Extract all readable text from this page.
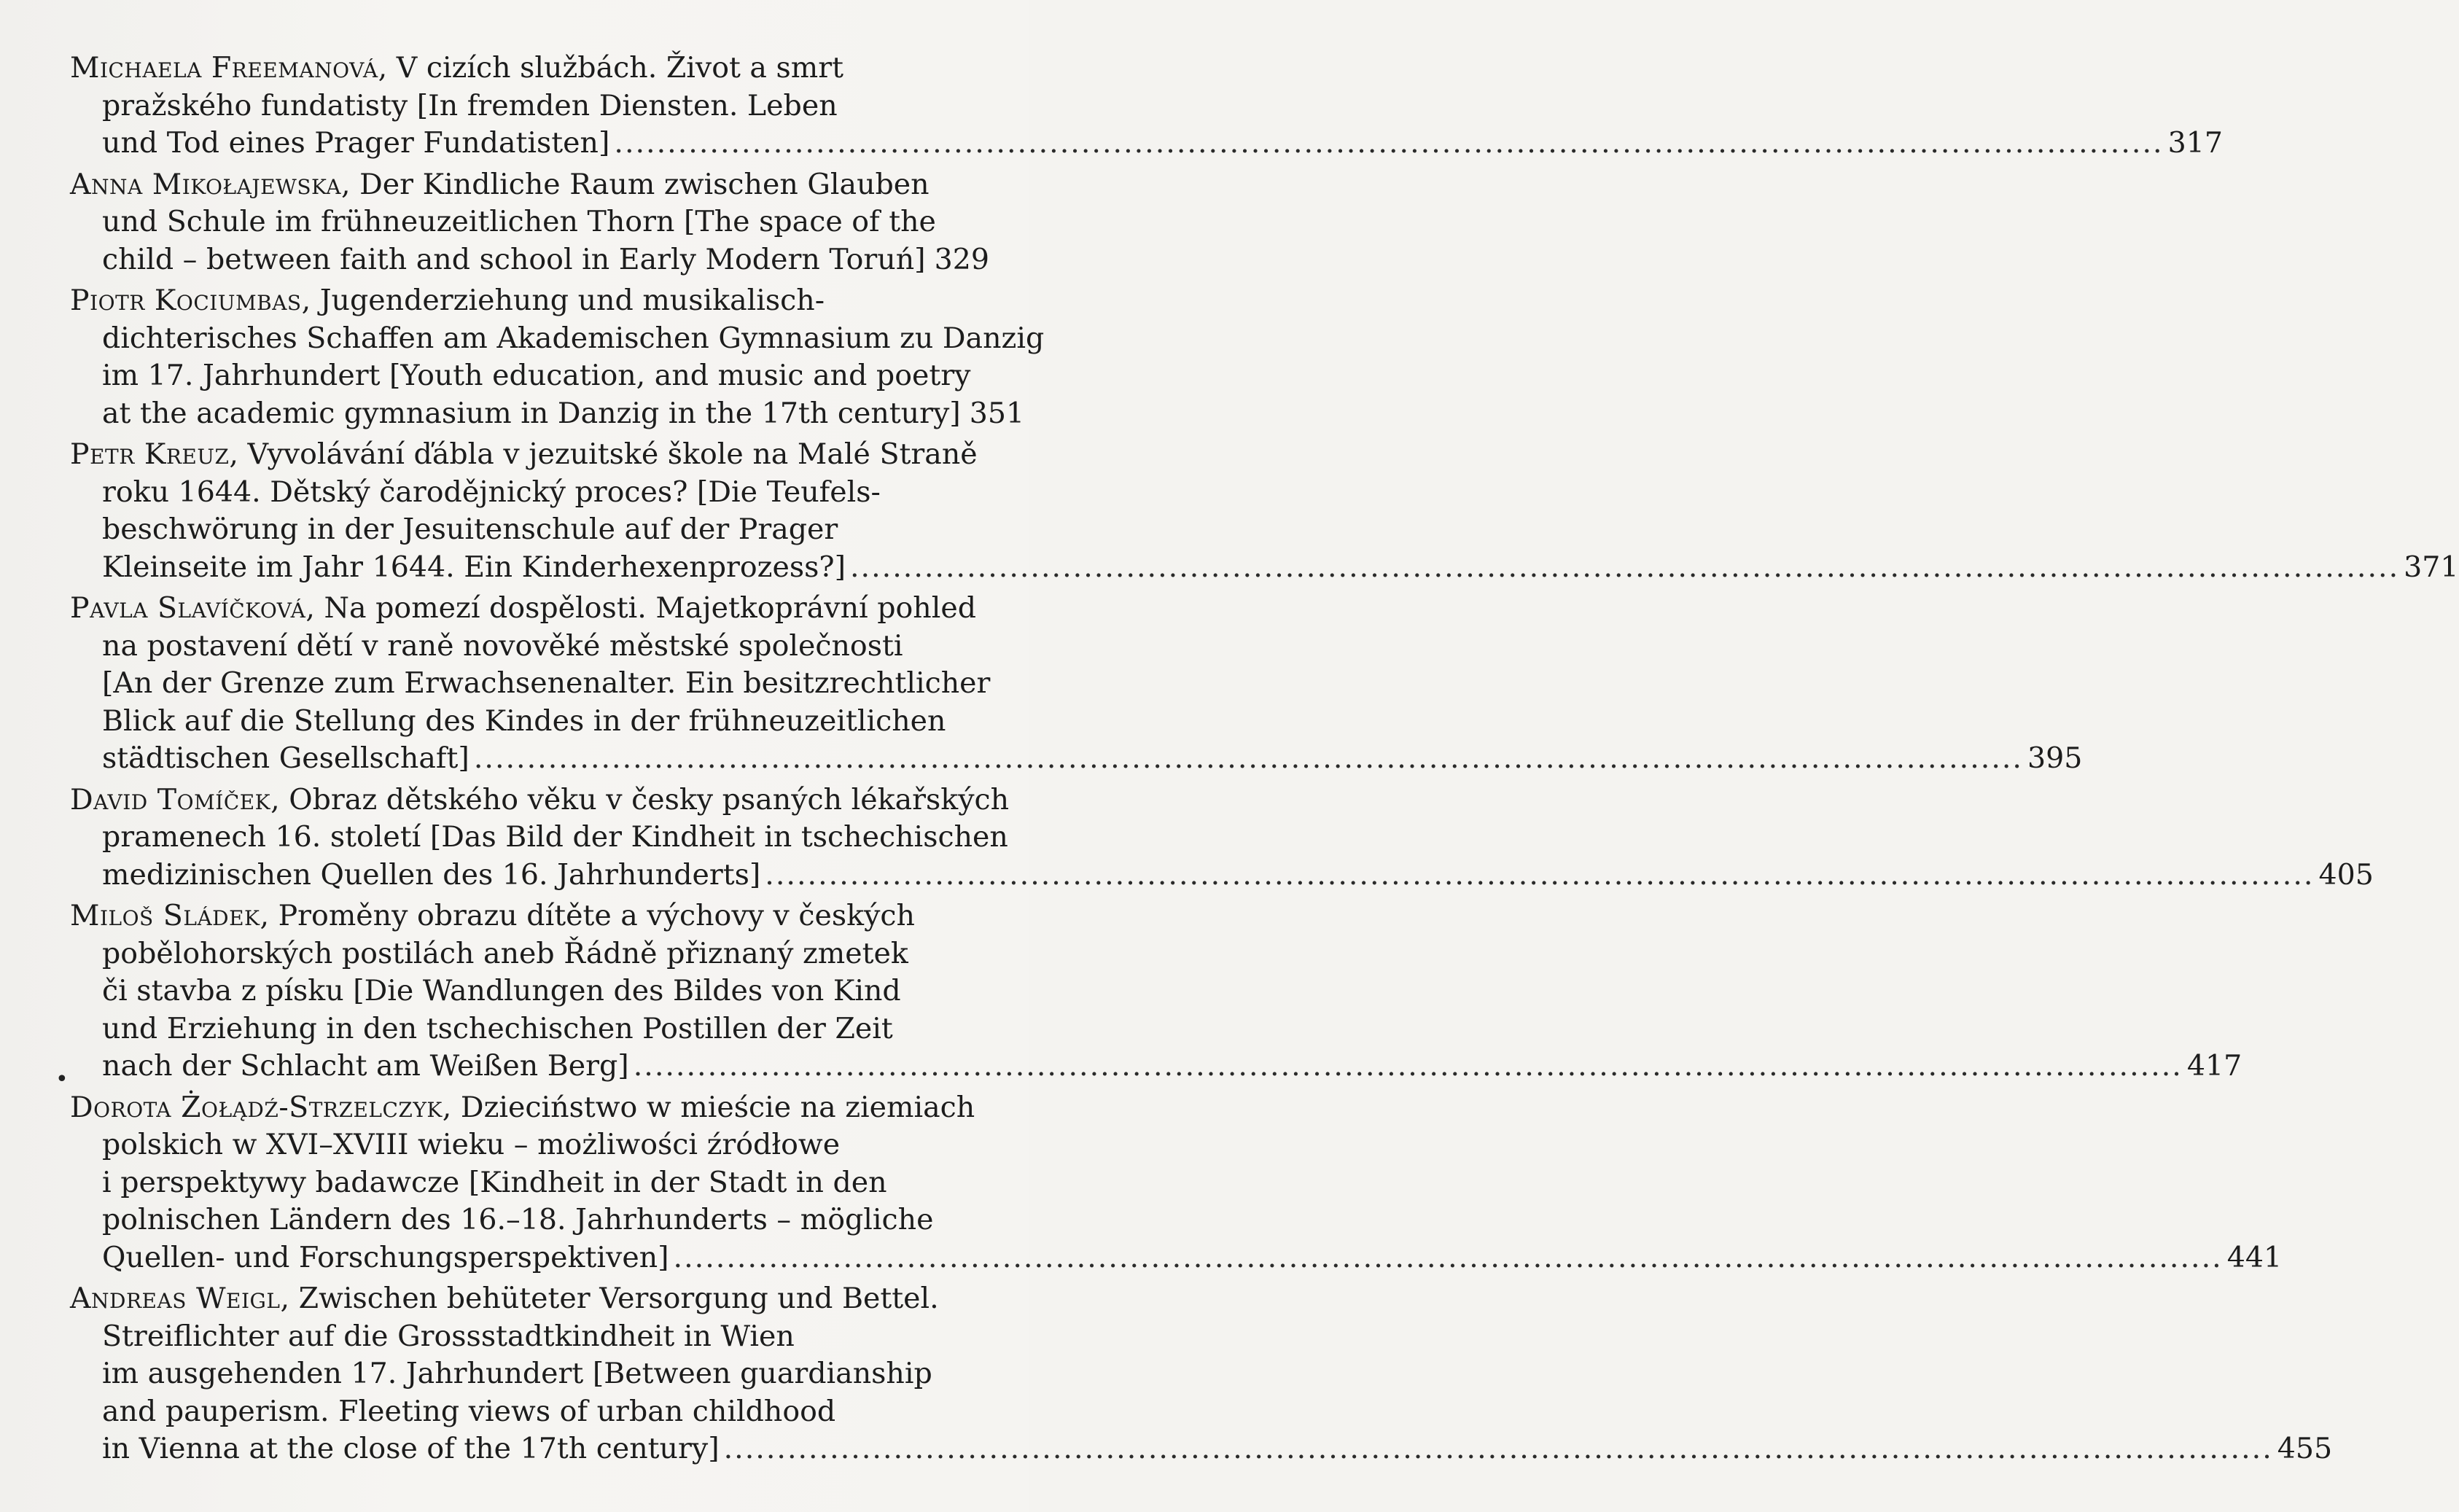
Michaela Freemanová, V cizích službách. Život a smrt
pražského fundatisty [In fremden Diensten. Leben
und Tod eines Prager Fundatisten] .....	317
Anna Mikołajewska, Der Kindliche Raum zwischen Glauben
und Schule im frühneuzeitlichen Thorn [The space of the
child – between faith and school in Early Modern Toruń] 329
Piotr Kociumbas, Jugenderziehung und musikalisch-
dichterisches Schaffen am Akademischen Gymnasium zu Danzig
im 17. Jahrhundert [Youth education, and music and poetry
at the academic gymnasium in Danzig in the 17th century] 351
Petr Kreuz, Vyvolávání ďábla v jezuitské škole na Malé Straně
roku 1644. Dětský čarodějnický proces? [Die Teufels-
beschwörung in der Jesuitenschule auf der Prager
Kleinseite im Jahr 1644. Ein Kinderhexenprozess?] .....	371
Pavla Slavíčková, Na pomezí dospělosti. Majetkoprávní pohled
na postavení dětí v raně novověké městské společnosti
[An der Grenze zum Erwachsenenalter. Ein besitzrechtlicher
Blick auf die Stellung des Kindes in der frühneuzeitlichen
städtischen Gesellschaft] .....	395
David Tomíček, Obraz dětského věku v česky psaných lékařských
pramenech 16. století [Das Bild der Kindheit in tschechischen
medizinischen Quellen des 16. Jahrhunderts] .....	405
Miloš Sládek, Proměny obrazu dítěte a výchovy v českých
pobělohorských postilách aneb Řádně přiznaný zmetek
či stavba z písku [Die Wandlungen des Bildes von Kind
und Erziehung in den tschechischen Postillen der Zeit
nach der Schlacht am Weißen Berg] .....	417
Dorota Żołądź-Strzelczyk, Dzieciństwo w mieście na ziemiach
polskich w XVI–XVIII wieku – możliwości źródłowe
i perspektywy badawcze [Kindheit in der Stadt in den
polnischen Ländern des 16.–18. Jahrhunderts – mögliche
Quellen- und Forschungsperspektiven] .....	441
Andreas Weigl, Zwischen behüteter Versorgung und Bettel.
Streiflichter auf die Grossstadtkindheit in Wien
im ausgehenden 17. Jahrhundert [Between guardianship
and pauperism. Fleeting views of urban childhood
in Vienna at the close of the 17th century] .....	455
•
